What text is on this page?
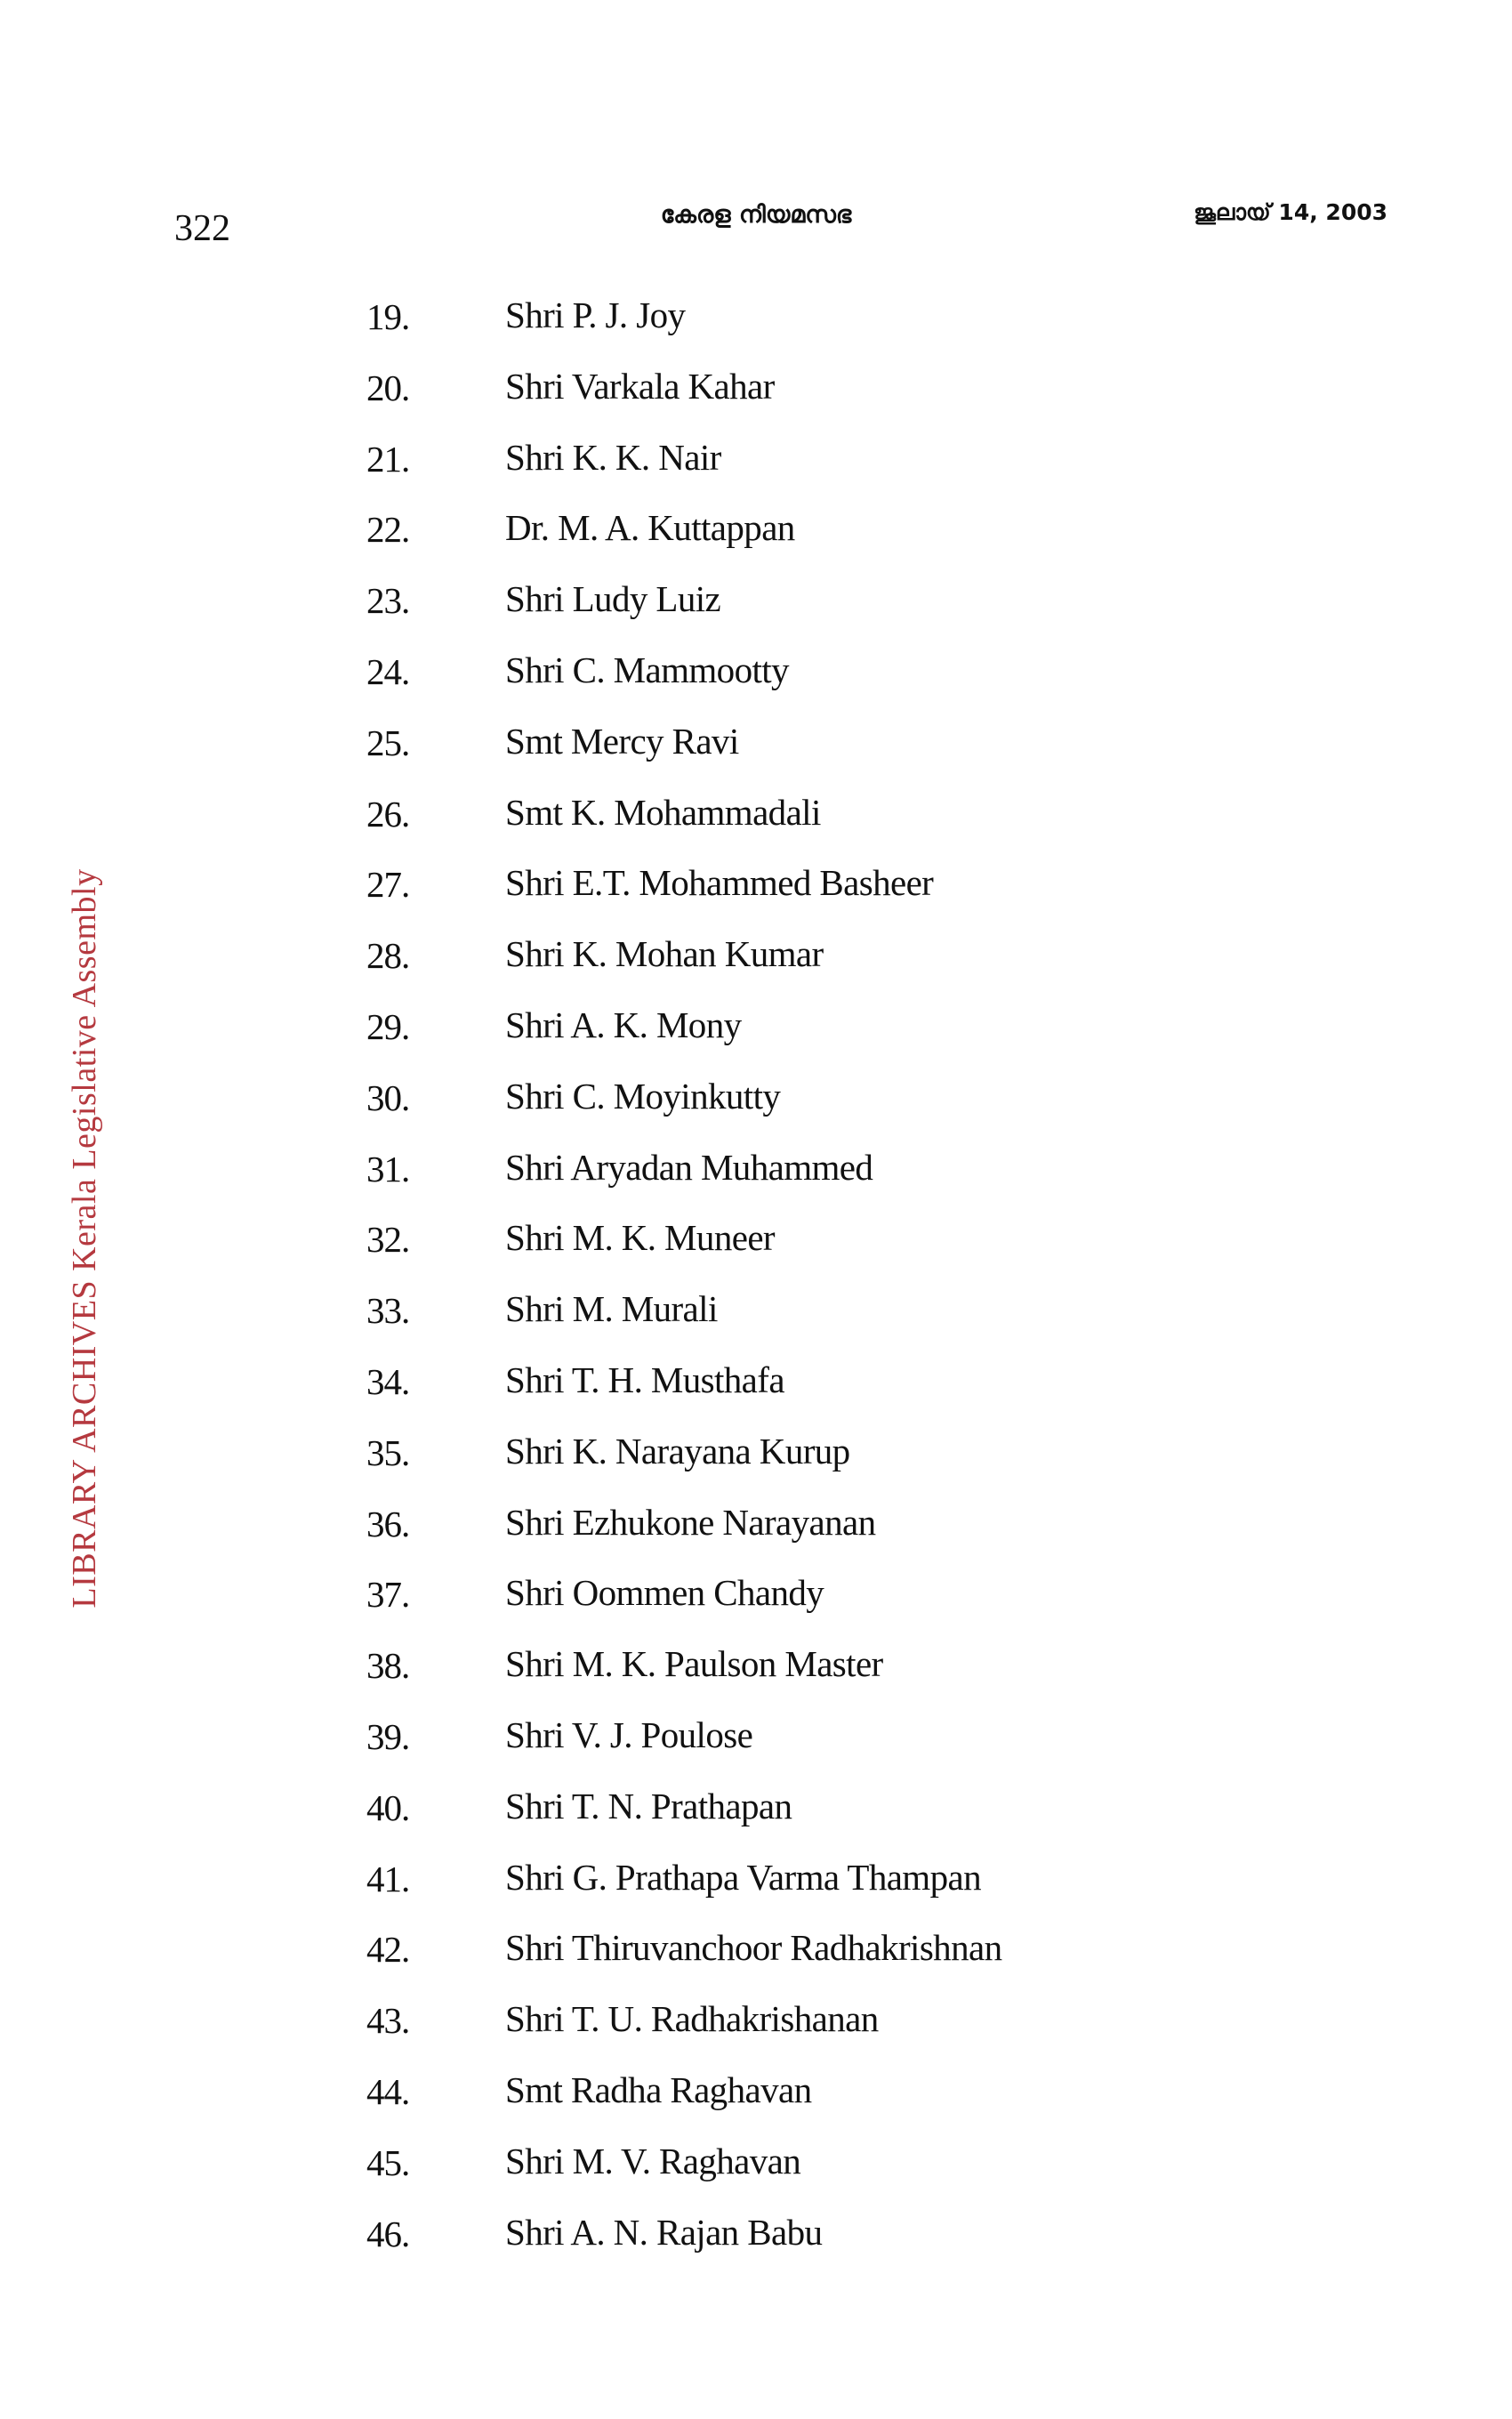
322	കേരള നിയമസഭ	ജൂലായ് 14, 2003
LIBRARY ARCHIVES Kerala Legislative Assembly
19.	Shri P. J. Joy
20.	Shri Varkala Kahar
21.	Shri K. K. Nair
22.	Dr. M. A. Kuttappan
23.	Shri Ludy Luiz
24.	Shri C. Mammootty
25.	Smt Mercy Ravi
26.	Smt K. Mohammadali
27.	Shri E.T. Mohammed Basheer
28.	Shri K. Mohan Kumar
29.	Shri A. K. Mony
30.	Shri C. Moyinkutty
31.	Shri Aryadan Muhammed
32.	Shri M. K. Muneer
33.	Shri M. Murali
34.	Shri T. H. Musthafa
35.	Shri K. Narayana Kurup
36.	Shri Ezhukone Narayanan
37.	Shri Oommen Chandy
38.	Shri M. K. Paulson Master
39.	Shri V. J. Poulose
40.	Shri T. N. Prathapan
41.	Shri G. Prathapa Varma Thampan
42.	Shri Thiruvanchoor Radhakrishnan
43.	Shri T. U. Radhakrishanan
44.	Smt Radha Raghavan
45.	Shri M. V. Raghavan
46.	Shri A. N. Rajan Babu
